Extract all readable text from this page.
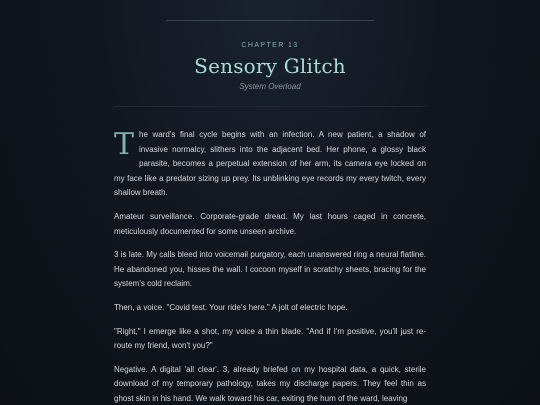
CHAPTER 13
Sensory Glitch
System Overload

The ward's final cycle begins with an infection. A new patient, a shadow of invasive normalcy, slithers into the adjacent bed. Her phone, a glossy black parasite, becomes a perpetual extension of her arm, its camera eye locked on my face like a predator sizing up prey. Its unblinking eye records my every twitch, every shallow breath.

Amateur surveillance. Corporate-grade dread. My last hours caged in concrete, meticulously documented for some unseen archive.

3 is late. My calls bleed into voicemail purgatory, each unanswered ring a neural flatline. He abandoned you, hisses the wall. I cocoon myself in scratchy sheets, bracing for the system's cold reclaim.

Then, a voice. "Covid test. Your ride's here." A jolt of electric hope.

"Right," I emerge like a shot, my voice a thin blade. "And if I'm positive, you'll just re-route my friend, won't you?"

Negative. A digital 'all clear'. 3, already briefed on my hospital data, a quick, sterile download of my temporary pathology, takes my discharge papers. They feel thin as ghost skin in his hand. We walk toward his car, exiting the hum of the ward, leaving
